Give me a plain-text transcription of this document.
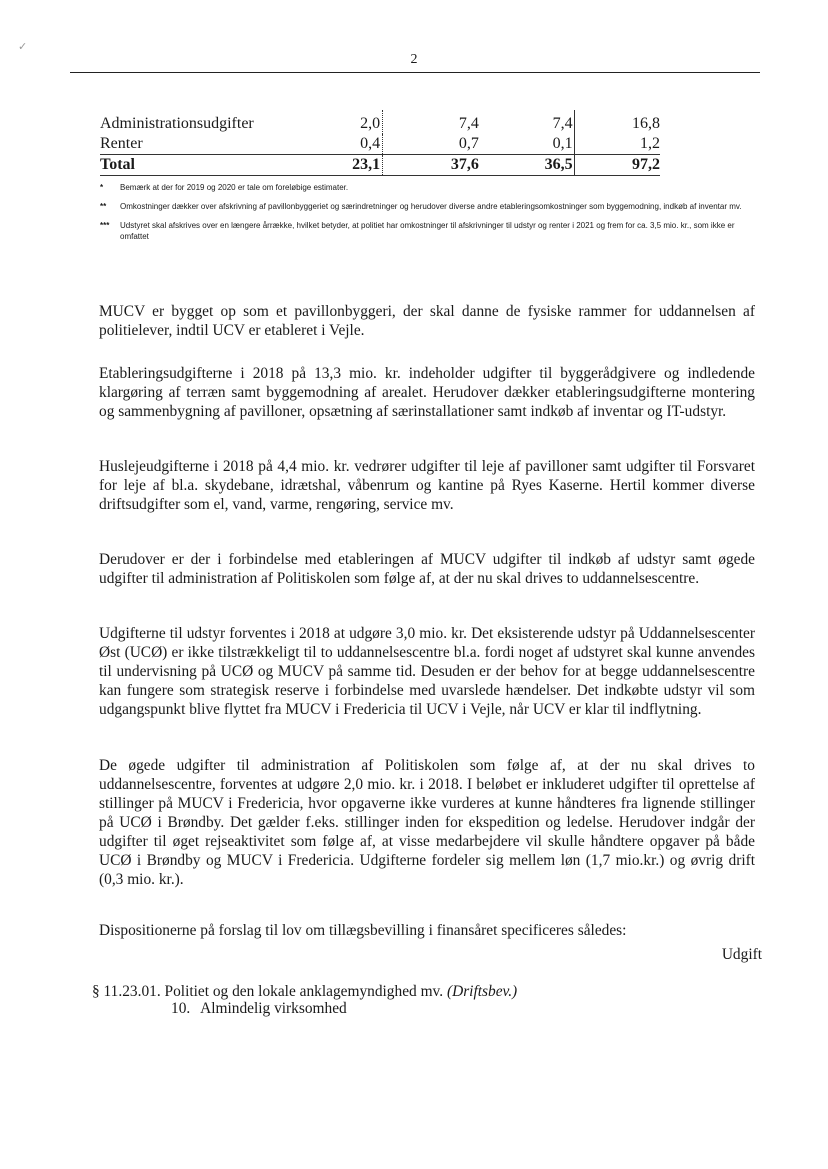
✓
2
Administrationsudgifter	2,0	7,4	7,4	16,8
Renter	0,4	0,7	0,1	1,2
Total	23,1	37,6	36,5	97,2
* Bemærk at der for 2019 og 2020 er tale om foreløbige estimater.
** Omkostninger dækker over afskrivning af pavillonbyggeriet og særindretninger og herudover diverse andre etableringsomkostninger som byggemodning, indkøb af inventar mv.
*** Udstyret skal afskrives over en længere årrække, hvilket betyder, at politiet har omkostninger til afskrivninger til udstyr og renter i 2021 og frem for ca. 3,5 mio. kr., som ikke er omfattet

MUCV er bygget op som et pavillonbyggeri, der skal danne de fysiske rammer for uddannelsen af politielever, indtil UCV er etableret i Vejle.

Etableringsudgifterne i 2018 på 13,3 mio. kr. indeholder udgifter til byggerådgivere og indledende klargøring af terræn samt byggemodning af arealet. Herudover dækker etableringsudgifterne montering og sammenbygning af pavilloner, opsætning af særinstallationer samt indkøb af inventar og IT-udstyr.

Huslejeudgifterne i 2018 på 4,4 mio. kr. vedrører udgifter til leje af pavilloner samt udgifter til Forsvaret for leje af bl.a. skydebane, idrætshal, våbenrum og kantine på Ryes Kaserne. Hertil kommer diverse driftsudgifter som el, vand, varme, rengøring, service mv.

Derudover er der i forbindelse med etableringen af MUCV udgifter til indkøb af udstyr samt øgede udgifter til administration af Politiskolen som følge af, at der nu skal drives to uddannelsescentre.

Udgifterne til udstyr forventes i 2018 at udgøre 3,0 mio. kr. Det eksisterende udstyr på Uddannelsescenter Øst (UCØ) er ikke tilstrækkeligt til to uddannelsescentre bl.a. fordi noget af udstyret skal kunne anvendes til undervisning på UCØ og MUCV på samme tid. Desuden er der behov for at begge uddannelsescentre kan fungere som strategisk reserve i forbindelse med uvarslede hændelser. Det indkøbte udstyr vil som udgangspunkt blive flyttet fra MUCV i Fredericia til UCV i Vejle, når UCV er klar til indflytning.

De øgede udgifter til administration af Politiskolen som følge af, at der nu skal drives to uddannelsescentre, forventes at udgøre 2,0 mio. kr. i 2018. I beløbet er inkluderet udgifter til oprettelse af stillinger på MUCV i Fredericia, hvor opgaverne ikke vurderes at kunne håndteres fra lignende stillinger på UCØ i Brøndby. Det gælder f.eks. stillinger inden for ekspedition og ledelse. Herudover indgår der udgifter til øget rejseaktivitet som følge af, at visse medarbejdere vil skulle håndtere opgaver på både UCØ i Brøndby og MUCV i Fredericia. Udgifterne fordeler sig mellem løn (1,7 mio.kr.) og øvrig drift (0,3 mio. kr.).

Dispositionerne på forslag til lov om tillægsbevilling i finansåret specificeres således:

Udgift
§ 11.23.01. Politiet og den lokale anklagemyndighed mv. (Driftsbev.)
10. Almindelig virksomhed
